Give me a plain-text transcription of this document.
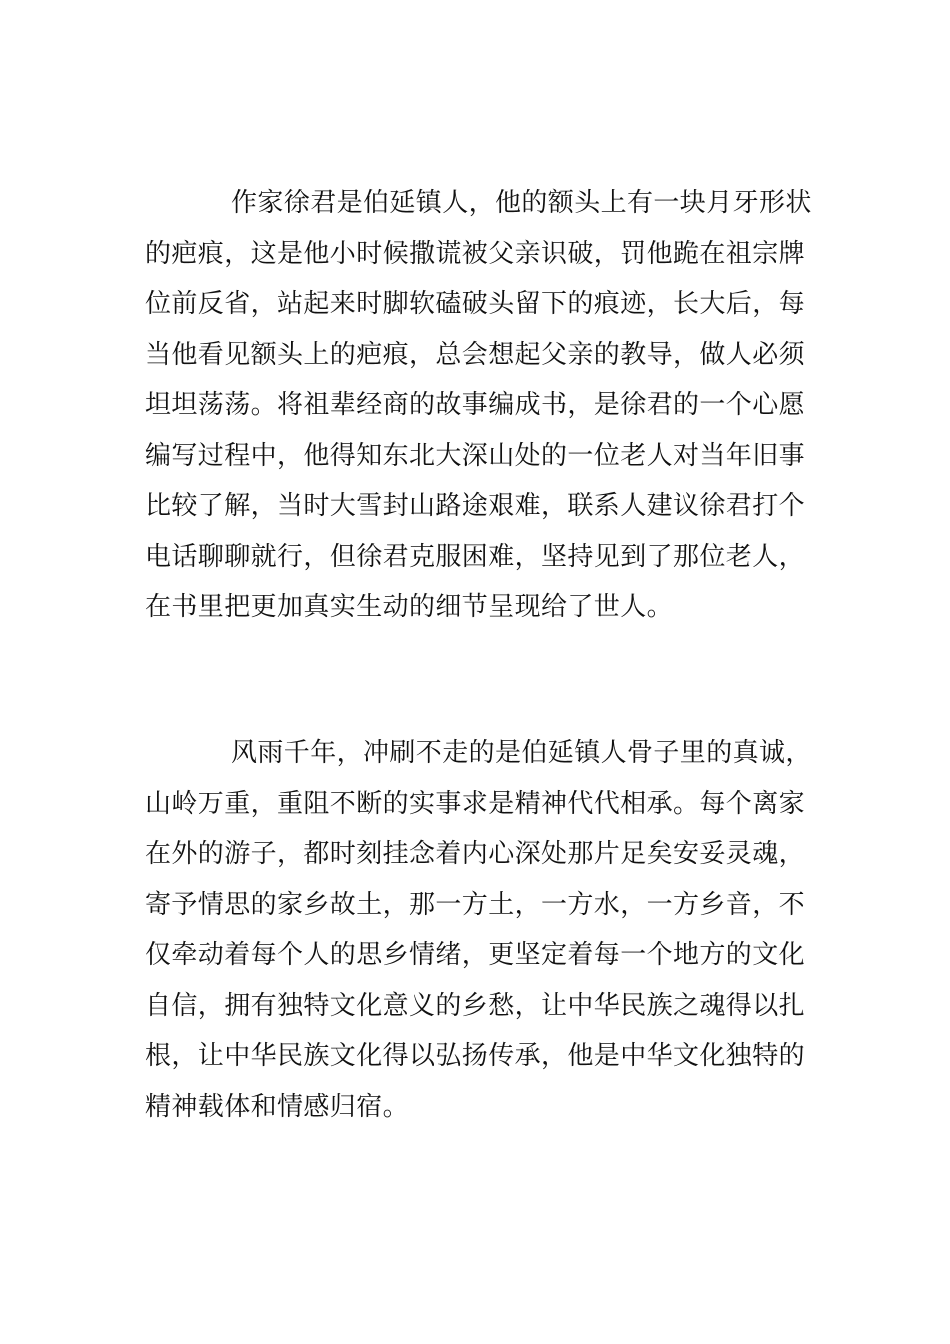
作家徐君是伯延镇人，他的额头上有一块月牙形状
的疤痕，这是他小时候撒谎被父亲识破，罚他跪在祖宗牌
位前反省，站起来时脚软磕破头留下的痕迹，长大后，每
当他看见额头上的疤痕，总会想起父亲的教导，做人必须
坦坦荡荡。将祖辈经商的故事编成书，是徐君的一个心愿
编写过程中，他得知东北大深山处的一位老人对当年旧事
比较了解，当时大雪封山路途艰难，联系人建议徐君打个
电话聊聊就行，但徐君克服困难，坚持见到了那位老人，
在书里把更加真实生动的细节呈现给了世人。
风雨千年，冲刷不走的是伯延镇人骨子里的真诚，
山岭万重，重阻不断的实事求是精神代代相承。每个离家
在外的游子，都时刻挂念着内心深处那片足矣安妥灵魂，
寄予情思的家乡故土，那一方土，一方水，一方乡音，不
仅牵动着每个人的思乡情绪，更坚定着每一个地方的文化
自信，拥有独特文化意义的乡愁，让中华民族之魂得以扎
根，让中华民族文化得以弘扬传承，他是中华文化独特的
精神载体和情感归宿。
